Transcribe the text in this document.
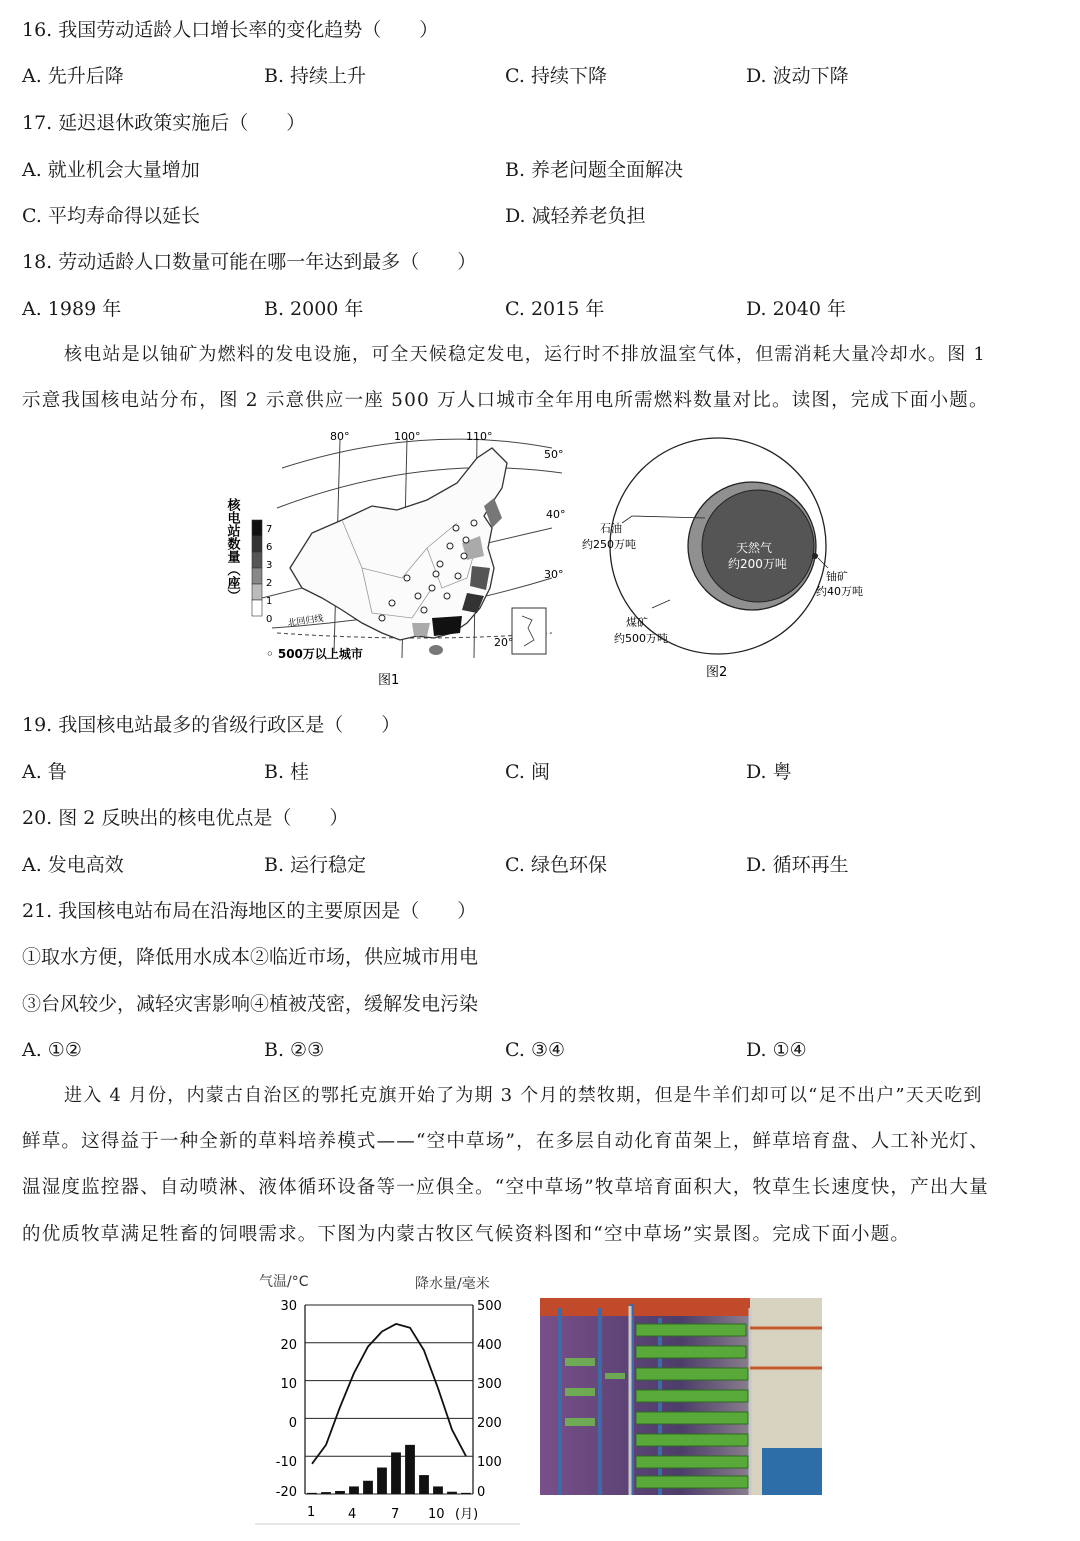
16. 我国劳动适龄人口增长率的变化趋势（　　）
A. 先升后降	B. 持续上升	C. 持续下降	D. 波动下降
17. 延迟退休政策实施后（　　）
A. 就业机会大量增加	B. 养老问题全面解决
C. 平均寿命得以延长	D. 减轻养老负担
18. 劳动适龄人口数量可能在哪一年达到最多（　　）
A. 1989 年	B. 2000 年	C. 2015 年	D. 2040 年
核电站是以铀矿为燃料的发电设施，可全天候稳定发电，运行时不排放温室气体，但需消耗大量冷却水。图 1
示意我国核电站分布，图 2 示意供应一座 500 万人口城市全年用电所需燃料数量对比。读图，完成下面小题。
50°
40°
30°
20°
80°	100°	110°
北回归线
核电站数量（座）	7
6
3
2
1
0
◦ 500万以上城市
图1
石油
约250万吨	天然气
约200万吨
铀矿
约40万吨
煤矿
约500万吨
图2
19. 我国核电站最多的省级行政区是（　　）
A. 鲁	B. 桂	C. 闽	D. 粤
20. 图 2 反映出的核电优点是（　　）
A. 发电高效	B. 运行稳定	C. 绿色环保	D. 循环再生
21. 我国核电站布局在沿海地区的主要原因是（　　）
①取水方便，降低用水成本②临近市场，供应城市用电
③台风较少，减轻灾害影响④植被茂密，缓解发电污染
A. ①②	B. ②③	C. ③④	D. ①④
进入 4 月份，内蒙古自治区的鄂托克旗开始了为期 3 个月的禁牧期，但是牛羊们却可以“足不出户”天天吃到
鲜草。这得益于一种全新的草料培养模式——“空中草场”，在多层自动化育苗架上，鲜草培育盘、人工补光灯、
温湿度监控器、自动喷淋、液体循环设备等一应俱全。“空中草场”牧草培育面积大，牧草生长速度快，产出大量
的优质牧草满足牲畜的饲喂需求。下图为内蒙古牧区气候资料图和“空中草场”实景图。完成下面小题。
气温/°C	降水量/毫米
30
20
10
0
-10
-20
500
400
300
200
100
0
1	4	7 10 (月)
